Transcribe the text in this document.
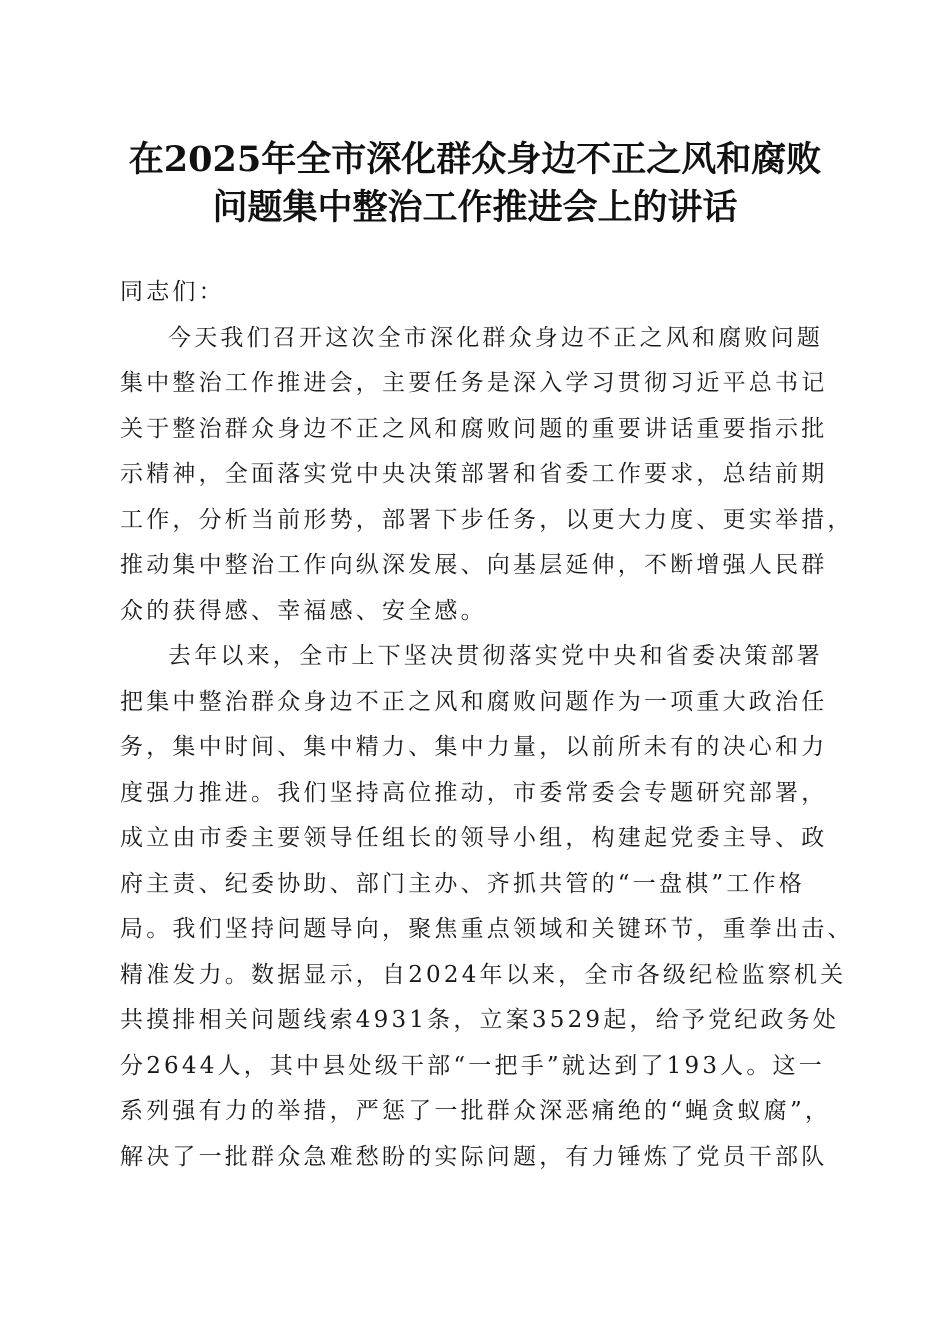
在2025年全市深化群众身边不正之风和腐败
问题集中整治工作推进会上的讲话

同志们：

今天我们召开这次全市深化群众身边不正之风和腐败问题
集中整治工作推进会，主要任务是深入学习贯彻习近平总书记
关于整治群众身边不正之风和腐败问题的重要讲话重要指示批
示精神，全面落实党中央决策部署和省委工作要求，总结前期
工作，分析当前形势，部署下步任务，以更大力度、更实举措，
推动集中整治工作向纵深发展、向基层延伸，不断增强人民群
众的获得感、幸福感、安全感。

去年以来，全市上下坚决贯彻落实党中央和省委决策部署
把集中整治群众身边不正之风和腐败问题作为一项重大政治任
务，集中时间、集中精力、集中力量，以前所未有的决心和力
度强力推进。我们坚持高位推动，市委常委会专题研究部署，
成立由市委主要领导任组长的领导小组，构建起党委主导、政
府主责、纪委协助、部门主办、齐抓共管的“一盘棋”工作格
局。我们坚持问题导向，聚焦重点领域和关键环节，重拳出击、
精准发力。数据显示，自2024年以来，全市各级纪检监察机关
共摸排相关问题线索4931条，立案3529起，给予党纪政务处
分2644人，其中县处级干部“一把手”就达到了193人。这一
系列强有力的举措，严惩了一批群众深恶痛绝的“蝇贪蚁腐”，
解决了一批群众急难愁盼的实际问题，有力锤炼了党员干部队
